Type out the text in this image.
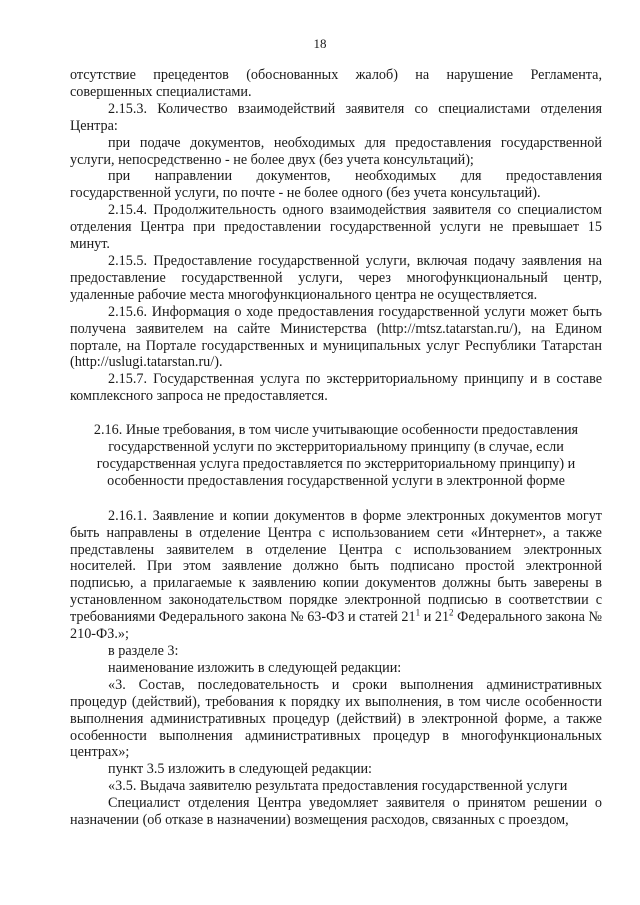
18

отсутствие прецедентов (обоснованных жалоб) на нарушение Регламента, совершенных специалистами.

2.15.3. Количество взаимодействий заявителя со специалистами отделения Центра:

при подаче документов, необходимых для предоставления государственной услуги, непосредственно - не более двух (без учета консультаций);

при направлении документов, необходимых для предоставления государственной услуги, по почте - не более одного (без учета консультаций).

2.15.4. Продолжительность одного взаимодействия заявителя со специалистом отделения Центра при предоставлении государственной услуги не превышает 15 минут.

2.15.5. Предоставление государственной услуги, включая подачу заявления на предоставление государственной услуги, через многофункциональный центр, удаленные рабочие места многофункционального центра не осуществляется.

2.15.6. Информация о ходе предоставления государственной услуги может быть получена заявителем на сайте Министерства (http://mtsz.tatarstan.ru/), на Едином портале, на Портале государственных и муниципальных услуг Республики Татарстан (http://uslugi.tatarstan.ru/).

2.15.7. Государственная услуга по экстерриториальному принципу и в составе комплексного запроса не предоставляется.

2.16. Иные требования, в том числе учитывающие особенности предоставления государственной услуги по экстерриториальному принципу (в случае, если государственная услуга предоставляется по экстерриториальному принципу) и особенности предоставления государственной услуги в электронной форме

2.16.1. Заявление и копии документов в форме электронных документов могут быть направлены в отделение Центра с использованием сети «Интернет», а также представлены заявителем в отделение Центра с использованием электронных носителей. При этом заявление должно быть подписано простой электронной подписью, а прилагаемые к заявлению копии документов должны быть заверены в установленном законодательством порядке электронной подписью в соответствии с требованиями Федерального закона № 63-ФЗ и статей $21^1$ и $21^2$ Федерального закона № 210-ФЗ.»;

в разделе 3:

наименование изложить в следующей редакции:

«3. Состав, последовательность и сроки выполнения административных процедур (действий), требования к порядку их выполнения, в том числе особенности выполнения административных процедур (действий) в электронной форме, а также особенности выполнения административных процедур в многофункциональных центрах»;

пункт 3.5 изложить в следующей редакции:

«3.5. Выдача заявителю результата предоставления государственной услуги

Специалист отделения Центра уведомляет заявителя о принятом решении о назначении (об отказе в назначении) возмещения расходов, связанных с проездом,
